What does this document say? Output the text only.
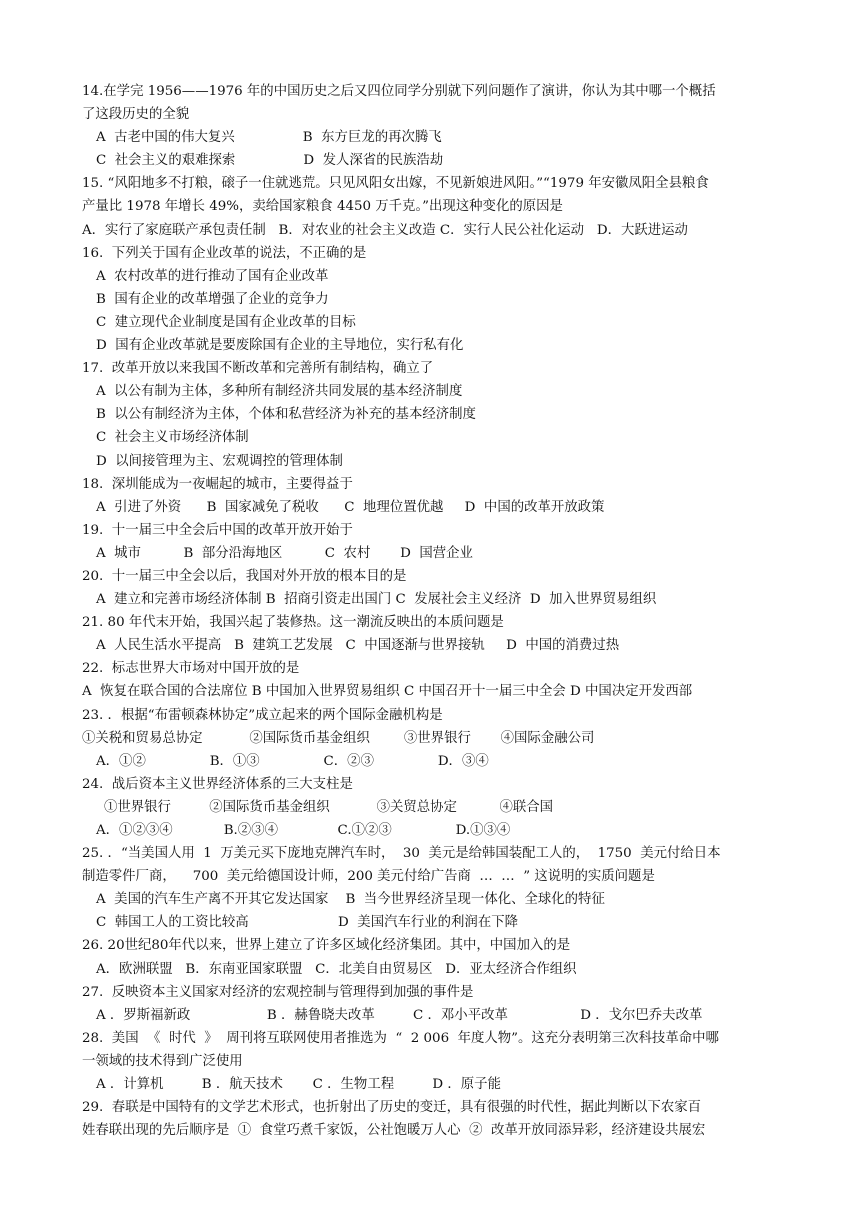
14.在学完 1956——1976 年的中国历史之后又四位同学分别就下列问题作了演讲，你认为其中哪一个概括
了这段历史的全貌
A  古老中国的伟大复兴                B  东方巨龙的再次腾飞
C  社会主义的艰难探索                D  发人深省的民族浩劫
15. “风阳地多不打粮，磙子一住就逃荒。只见风阳女出嫁，不见新娘进风阳。”“1979 年安徽凤阳全县粮食
产量比 1978 年增长 49%，卖给国家粮食 4450 万千克。”出现这种变化的原因是
A．实行了家庭联产承包责任制   B．对农业的社会主义改造 C．实行人民公社化运动   D．大跃进运动
16.  下列关于国有企业改革的说法，不正确的是
A  农村改革的进行推动了国有企业改革
B  国有企业的改革增强了企业的竞争力
C  建立现代企业制度是国有企业改革的目标
D  国有企业改革就是要废除国有企业的主导地位，实行私有化
17.  改革开放以来我国不断改革和完善所有制结构，确立了
A  以公有制为主体，多种所有制经济共同发展的基本经济制度
B  以公有制经济为主体，个体和私营经济为补充的基本经济制度
C  社会主义市场经济体制
D  以间接管理为主、宏观调控的管理体制
18.  深圳能成为一夜崛起的城市，主要得益于
A  引进了外资      B  国家减免了税收      C  地理位置优越     D  中国的改革开放政策
19.  十一届三中全会后中国的改革开放开始于
A  城市          B  部分沿海地区          C  农村       D  国营企业
20.  十一届三中全会以后，我国对外开放的根本目的是
A  建立和完善市场经济体制 B  招商引资走出国门 C  发展社会主义经济  D  加入世界贸易组织
21. 80 年代末开始，我国兴起了装修热。这一潮流反映出的本质问题是
A  人民生活水平提高   B  建筑工艺发展   C  中国逐渐与世界接轨     D  中国的消费过热
22.  标志世界大市场对中国开放的是
A  恢复在联合国的合法席位 B 中国加入世界贸易组织 C 中国召开十一届三中全会 D 中国决定开发西部
23. ．根据“布雷顿森林协定”成立起来的两个国际金融机构是
①关税和贸易总协定           ②国际货币基金组织        ③世界银行       ④国际金融公司
A．①②               B．①③               C．②③               D．③④
24.  战后资本主义世界经济体系的三大支柱是
①世界银行         ②国际货币基金组织           ③关贸总协定          ④联合国
A．①②③④            B.②③④              C.①②③               D.①③④
25. ．“当美国人用  1  万美元买下庞地克牌汽车时，  30  美元是给韩国装配工人的，  1750  美元付给日本
制造零件厂商，    700  美元给德国设计师，200 美元付给广告商  …  …  ” 这说明的实质问题是
A  美国的汽车生产离不开其它发达国家    B  当今世界经济呈现一体化、全球化的特征
C  韩国工人的工资比较高                     D  美国汽车行业的利润在下降
26. 20世纪80年代以来，世界上建立了许多区域化经济集团。其中，中国加入的是
A．欧洲联盟   B．东南亚国家联盟   C．北美自由贸易区   D．亚太经济合作组织
27.  反映资本主义国家对经济的宏观控制与管理得到加强的事件是
A ．罗斯福新政                  B ．赫鲁晓夫改革         C ．邓小平改革                 D ．戈尔巴乔夫改革
28.  美国  《  时代  》  周刊将互联网使用者推选为  “  2 006  年度人物”。这充分表明第三次科技革命中哪
一领域的技术得到广泛使用
A ．计算机         B ．航天技术       C ．生物工程         D ．原子能
29.  春联是中国特有的文学艺术形式，也折射出了历史的变迁，具有很强的时代性，据此判断以下农家百
姓春联出现的先后顺序是  ①  食堂巧煮千家饭，公社饱暖万人心  ②  改革开放同添异彩，经济建设共展宏
